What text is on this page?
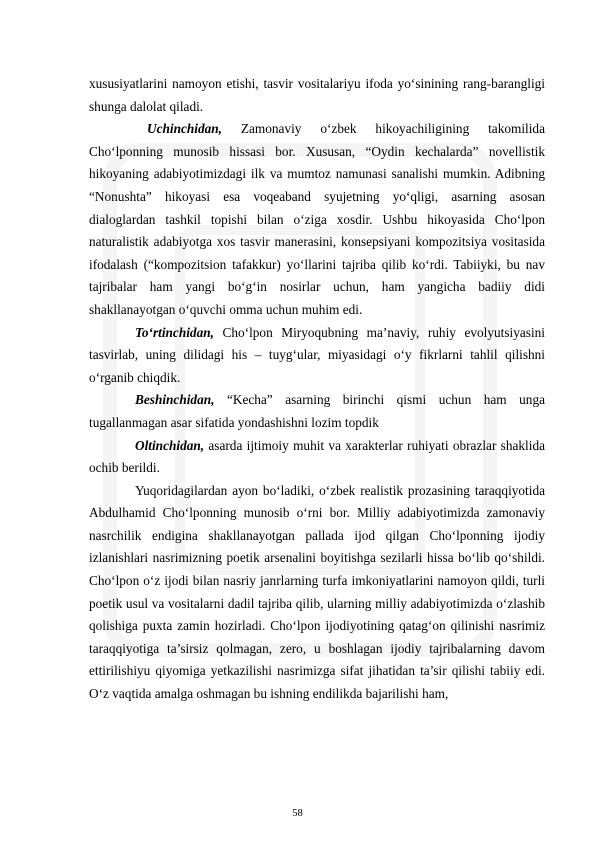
xususiyatlarini namoyon etishi, tasvir vositalariyu ifoda yo‘sinining rang-barangligi shunga dalolat qiladi.

Uchinchidan, Zamonaviy o‘zbek hikoyachiligining takomilida Cho‘lponning munosib hissasi bor. Xususan, “Oydin kechalarda” novellistik hikoyaning adabiyotimizdagi ilk va mumtoz namunasi sanalishi mumkin. Adibning “Nonushta” hikoyasi esa voqeaband syujetning yo‘qligi, asarning asosan dialoglardan tashkil topishi bilan o‘ziga xosdir. Ushbu hikoyasida Cho‘lpon naturalistik adabiyotga xos tasvir manerasini, konsepsiyani kompozitsiya vositasida ifodalash (“kompozitsion tafakkur) yo‘llarini tajriba qilib ko‘rdi. Tabiiyki, bu nav tajribalar ham yangi bo‘g‘in nosirlar uchun, ham yangicha badiiy didi shakllanayotgan o‘quvchi omma uchun muhim edi.

To‘rtinchidan, Cho‘lpon Miryoqubning ma’naviy, ruhiy evolyutsiyasini tasvirlab, uning dilidagi his – tuyg‘ular, miyasidagi o‘y fikrlarni tahlil qilishni o‘rganib chiqdik.

Beshinchidan, “Kecha” asarning birinchi qismi uchun ham unga tugallanmagan asar sifatida yondashishni lozim topdik

Oltinchidan, asarda ijtimoiy muhit va xarakterlar ruhiyati obrazlar shaklida ochib berildi.

Yuqoridagilardan ayon bo‘ladiki, o‘zbek realistik prozasining taraqqiyotida Abdulhamid Cho‘lponning munosib o‘rni bor. Milliy adabiyotimizda zamonaviy nasrchilik endigina shakllanayotgan pallada ijod qilgan Cho‘lponning ijodiy izlanishlari nasrimizning poetik arsenalini boyitishga sezilarli hissa bo‘lib qo‘shildi. Cho‘lpon o‘z ijodi bilan nasriy janrlarning turfa imkoniyatlarini namoyon qildi, turli poetik usul va vositalarni dadil tajriba qilib, ularning milliy adabiyotimizda o‘zlashib qolishiga puxta zamin hozirladi. Cho‘lpon ijodiyotining qatag‘on qilinishi nasrimiz taraqqiyotiga ta’sirsiz qolmagan, zero, u boshlagan ijodiy tajribalarning davom ettirilishiyu qiyomiga yetkazilishi nasrimizga sifat jihatidan ta’sir qilishi tabiiy edi. O‘z vaqtida amalga oshmagan bu ishning endilikda bajarilishi ham,

58
